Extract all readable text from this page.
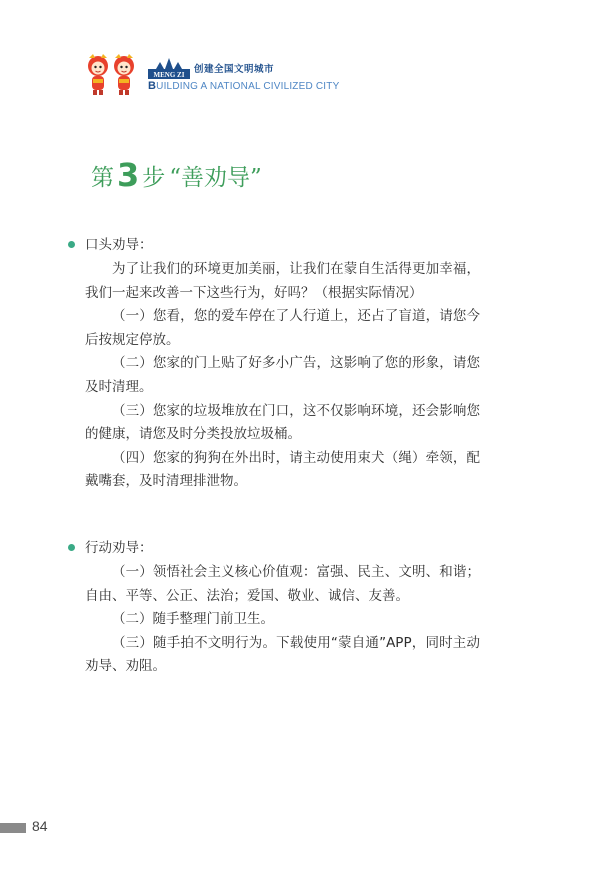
MENG ZI 创建全国文明城市
BUILDING A NATIONAL CIVILIZED CITY
第 3 步 “善劝导”
口头劝导：

为了让我们的环境更加美丽，让我们在蒙自生活得更加幸福，我们一起来改善一下这些行为，好吗？（根据实际情况）

（一）您看，您的爱车停在了人行道上，还占了盲道，请您今后按规定停放。

（二）您家的门上贴了好多小广告，这影响了您的形象，请您及时清理。

（三）您家的垃圾堆放在门口，这不仅影响环境，还会影响您的健康，请您及时分类投放垃圾桶。

（四）您家的狗狗在外出时，请主动使用束犬（绳）牵领，配戴嘴套，及时清理排泄物。

行动劝导：

（一）领悟社会主义核心价值观：富强、民主、文明、和谐；自由、平等、公正、法治；爱国、敬业、诚信、友善。

（二）随手整理门前卫生。

（三）随手拍不文明行为。下载使用“蒙自通”APP，同时主动劝导、劝阻。

84
